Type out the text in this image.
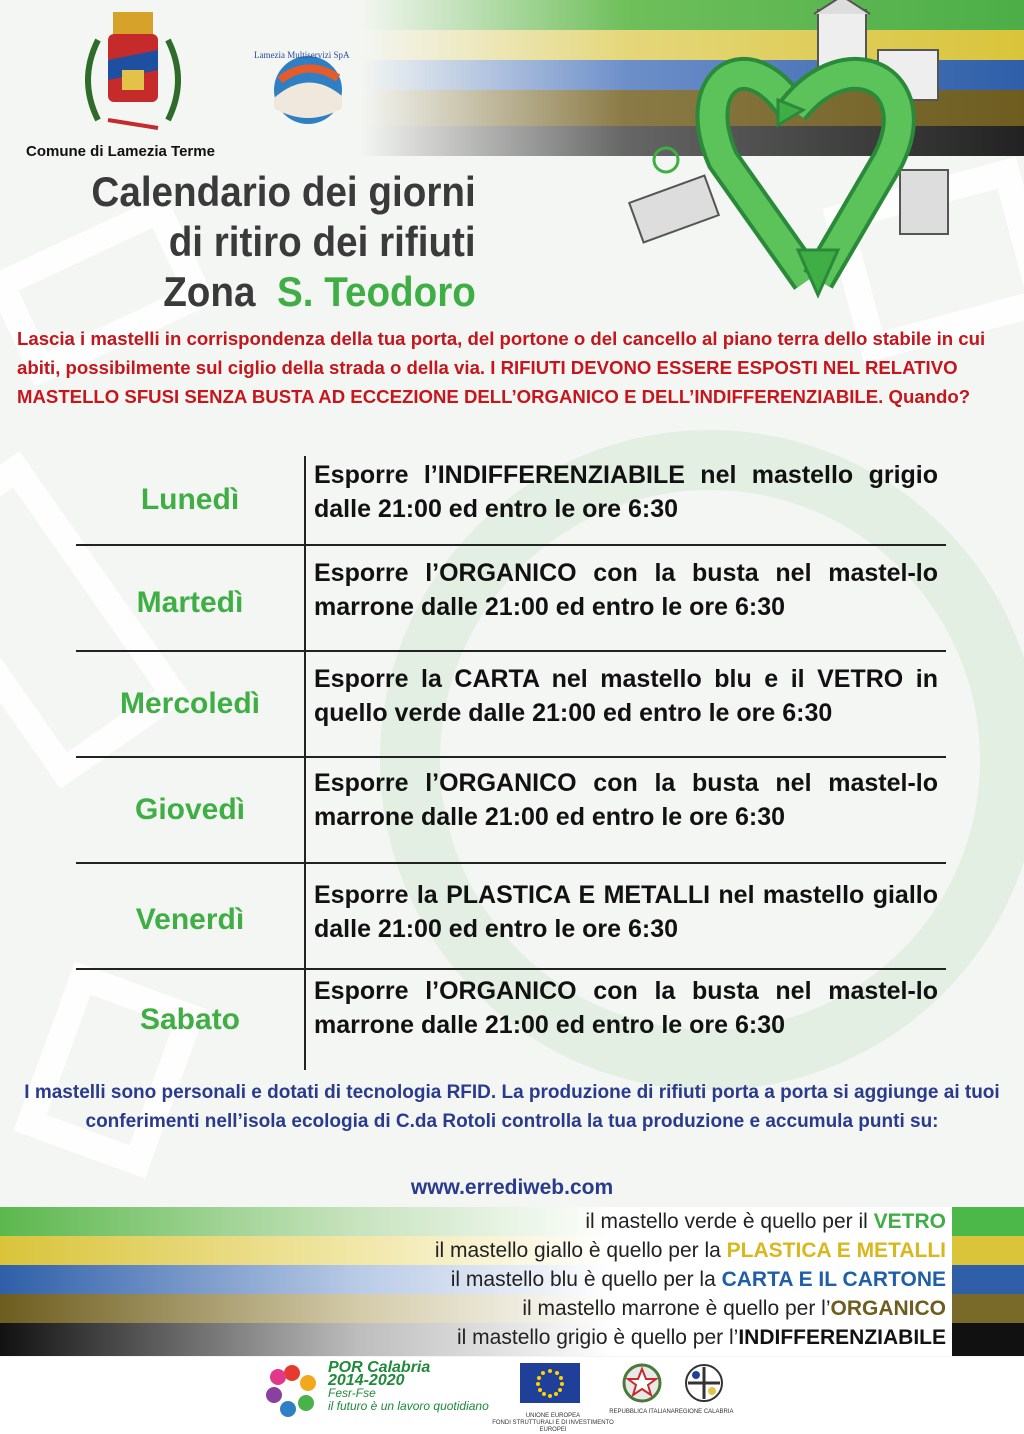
Comune di Lamezia Terme
Lamezia Multiservizi SpA
Calendario dei giorni
di ritiro dei rifiuti
Zona S. Teodoro
Lascia i mastelli in corrispondenza della tua porta, del portone o del cancello al piano terra dello stabile in cui abiti, possibilmente sul ciglio della strada o della via. I RIFIUTI DEVONO ESSERE ESPOSTI NEL RELATIVO MASTELLO SFUSI SENZA BUSTA AD ECCEZIONE DELL’ORGANICO E DELL’INDIFFERENZIABILE. Quando?
Lunedì
Esporre l’INDIFFERENZIABILE nel mastello grigio dalle 21:00 ed entro le ore 6:30
Martedì
Esporre l’ORGANICO con la busta nel mastel-lo marrone dalle 21:00 ed entro le ore 6:30
Mercoledì
Esporre la CARTA nel mastello blu e il VETRO in quello verde dalle 21:00 ed entro le ore 6:30
Giovedì
Esporre l’ORGANICO con la busta nel mastel-lo marrone dalle 21:00 ed entro le ore 6:30
Venerdì
Esporre la PLASTICA E METALLI nel mastello giallo dalle 21:00 ed entro le ore 6:30
Sabato
Esporre l’ORGANICO con la busta nel mastel-lo marrone dalle 21:00 ed entro le ore 6:30
I mastelli sono personali e dotati di tecnologia RFID. La produzione di rifiuti porta a porta si aggiunge ai tuoi conferimenti nell’isola ecologia di C.da Rotoli controlla la tua produzione e accumula punti su:
www.errediweb.com
il mastello verde è quello per il VETRO
il mastello giallo è quello per la PLASTICA E METALLI
il mastello blu è quello per la CARTA E IL CARTONE
il mastello marrone è quello per l’ORGANICO
il mastello grigio è quello per l’INDIFFERENZIABILE
POR Calabria
2014-2020
Fesr-Fse
il futuro è un lavoro quotidiano
UNIONE EUROPEA
FONDI STRUTTURALI E DI INVESTIMENTO EUROPEI
REPUBBLICA ITALIANA REGIONE CALABRIA
